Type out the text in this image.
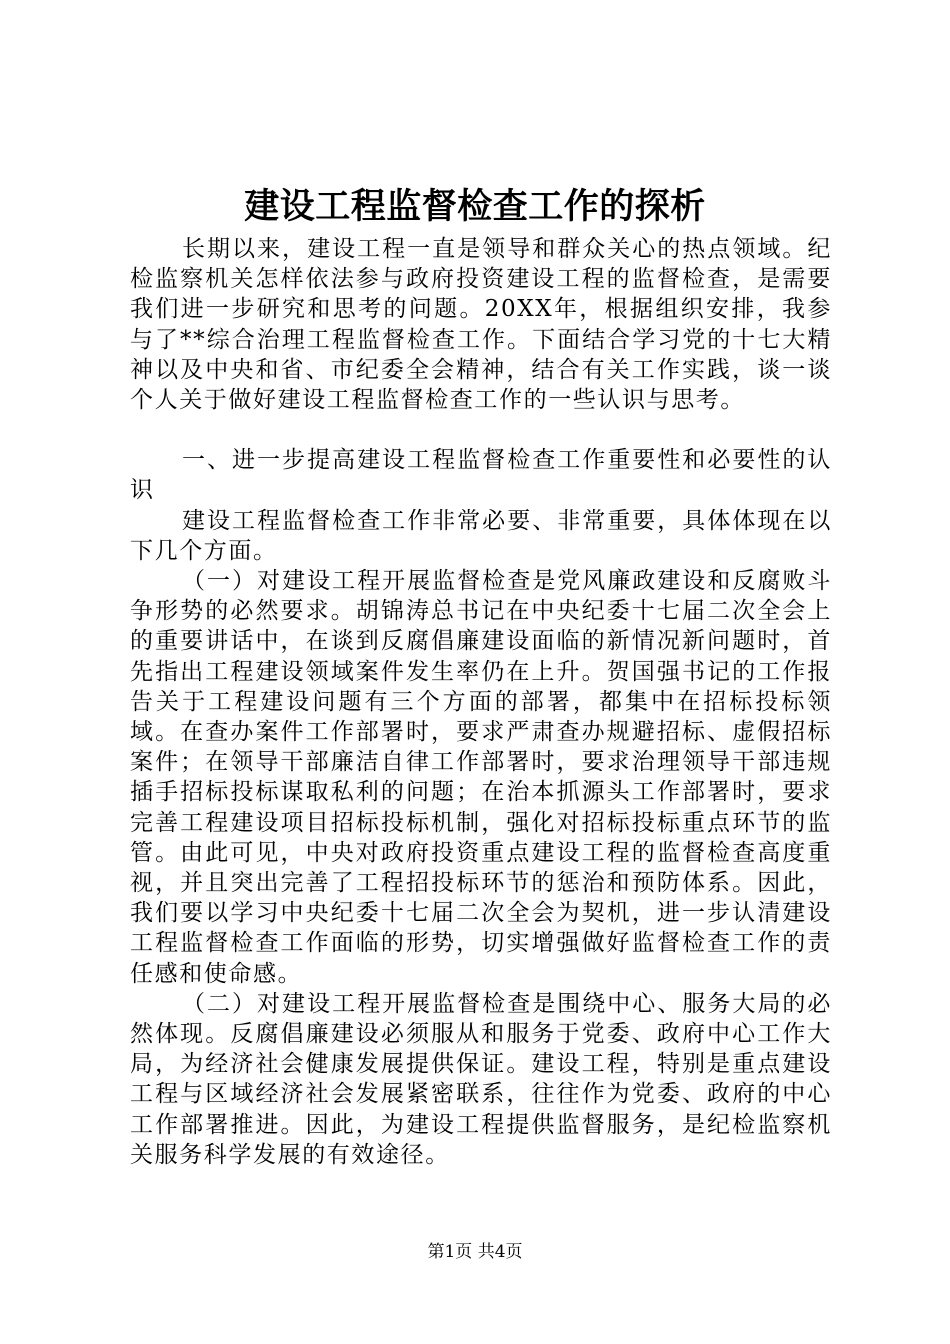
建设工程监督检查工作的探析

长期以来，建设工程一直是领导和群众关心的热点领域。纪检监察机关怎样依法参与政府投资建设工程的监督检查，是需要我们进一步研究和思考的问题。20XX年，根据组织安排，我参与了**综合治理工程监督检查工作。下面结合学习党的十七大精神以及中央和省、市纪委全会精神，结合有关工作实践，谈一谈个人关于做好建设工程监督检查工作的一些认识与思考。

一、进一步提高建设工程监督检查工作重要性和必要性的认识

建设工程监督检查工作非常必要、非常重要，具体体现在以下几个方面。

（一）对建设工程开展监督检查是党风廉政建设和反腐败斗争形势的必然要求。胡锦涛总书记在中央纪委十七届二次全会上的重要讲话中，在谈到反腐倡廉建设面临的新情况新问题时，首先指出工程建设领域案件发生率仍在上升。贺国强书记的工作报告关于工程建设问题有三个方面的部署，都集中在招标投标领域。在查办案件工作部署时，要求严肃查办规避招标、虚假招标案件；在领导干部廉洁自律工作部署时，要求治理领导干部违规插手招标投标谋取私利的问题；在治本抓源头工作部署时，要求完善工程建设项目招标投标机制，强化对招标投标重点环节的监管。由此可见，中央对政府投资重点建设工程的监督检查高度重视，并且突出完善了工程招投标环节的惩治和预防体系。因此，我们要以学习中央纪委十七届二次全会为契机，进一步认清建设工程监督检查工作面临的形势，切实增强做好监督检查工作的责任感和使命感。

（二）对建设工程开展监督检查是围绕中心、服务大局的必然体现。反腐倡廉建设必须服从和服务于党委、政府中心工作大局，为经济社会健康发展提供保证。建设工程，特别是重点建设工程与区域经济社会发展紧密联系，往往作为党委、政府的中心工作部署推进。因此，为建设工程提供监督服务，是纪检监察机关服务科学发展的有效途径。

第1页 共4页
